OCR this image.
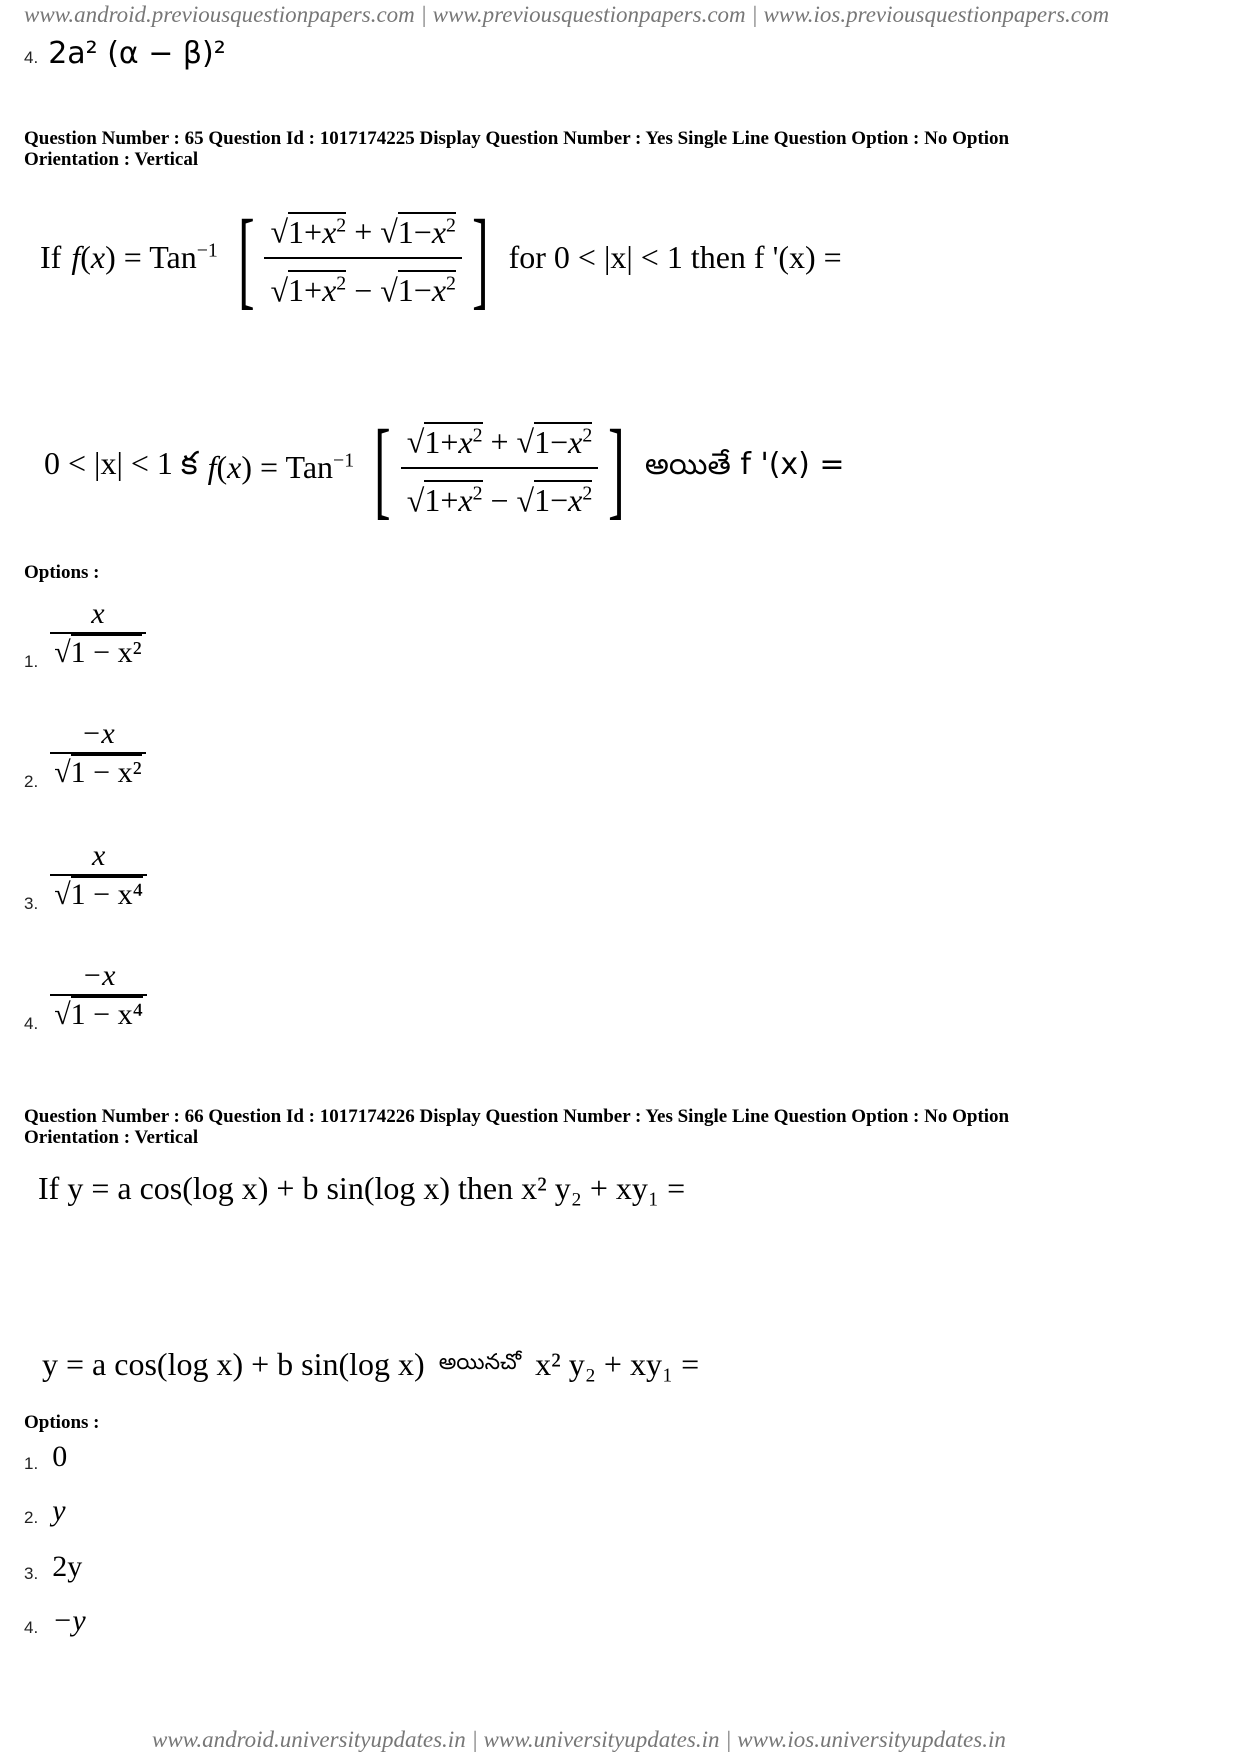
www.android.previousquestionpapers.com | www.previousquestionpapers.com | www.ios.previousquestionpapers.com
4. 2a² (α − β)²
Question Number : 65 Question Id : 1017174225 Display Question Number : Yes Single Line Question Option : No Option
Orientation : Vertical
If f(x) = Tan$^{-1}$ [ $√1+x^2 + √1-x^2$
$√1+x^2 - √1-x^2$ ] for 0 < |x| < 1 then f '(x) =
0 < |x| < 1 క f(x) = Tan$^{-1}$ [ $√1+x^2 + √1-x^2$
$√1+x^2 - √1-x^2$ ] అయితే f '(x) =
Options :
1. $\frac{x}{\text{√1 − x²}}$
2. $\frac{-x}{\text{√1 − x²}}$
3. $\frac{x}{\text{√1 − x⁴}}$
4. $\frac{-x}{\text{√1 − x⁴}}$
Question Number : 66 Question Id : 1017174226 Display Question Number : Yes Single Line Question Option : No Option
Orientation : Vertical
If y = a cos(log x) + b sin(log x) then x² y₂ + xy₁ =
y = a cos(log x) + b sin(log x) అయినచో x² y₂ + xy₁ =
Options :
1. 0
2. y
3. 2y
4. −y
www.android.universityupdates.in | www.universityupdates.in | www.ios.universityupdates.in
